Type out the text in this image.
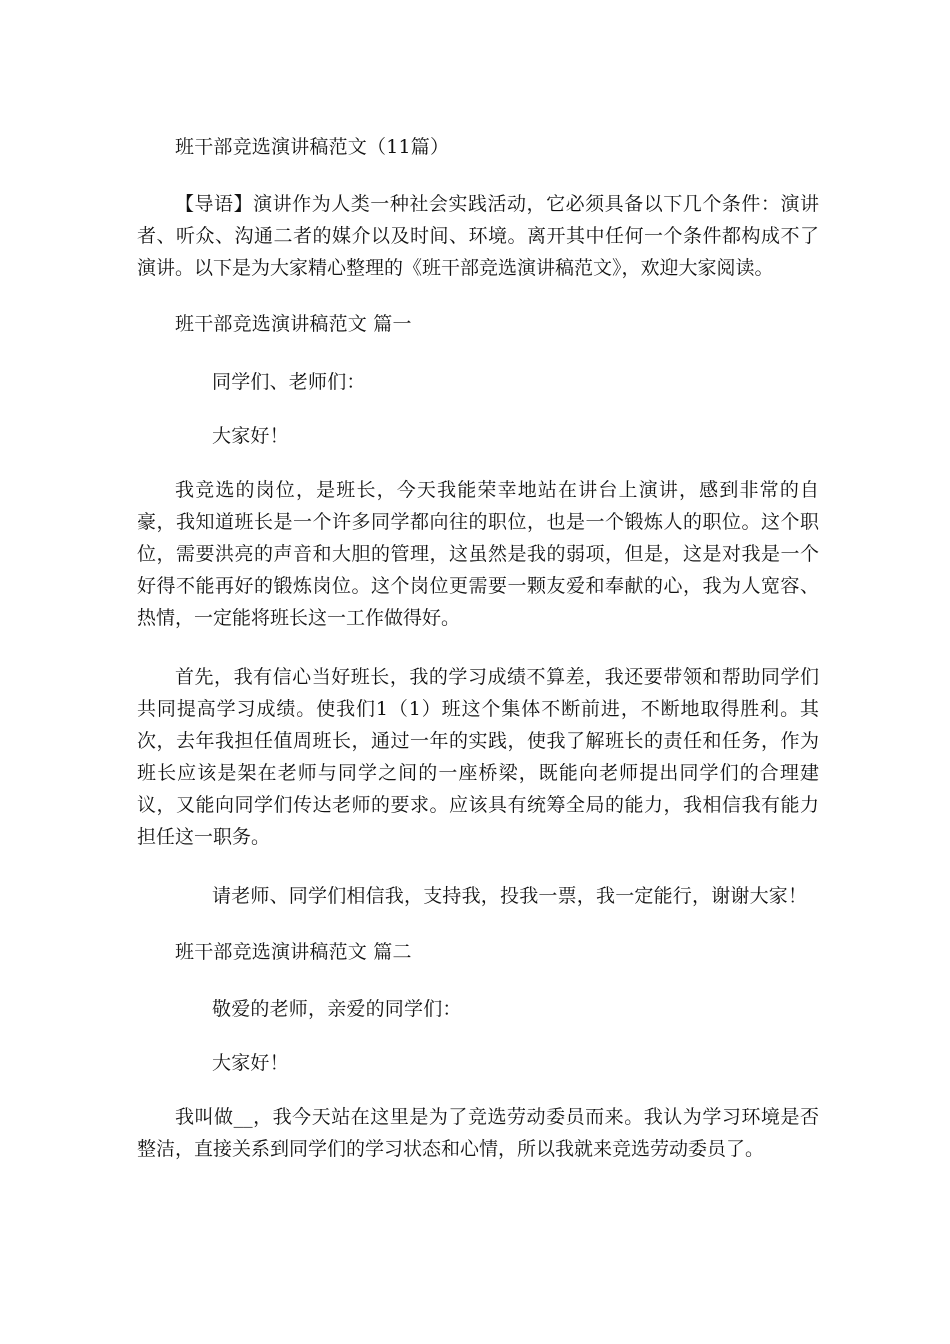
班干部竞选演讲稿范文（11篇）

【导语】演讲作为人类一种社会实践活动，它必须具备以下几个条件：演讲者、听众、沟通二者的媒介以及时间、环境。离开其中任何一个条件都构成不了演讲。以下是为大家精心整理的《班干部竞选演讲稿范文》，欢迎大家阅读。

班干部竞选演讲稿范文 篇一

同学们、老师们：

大家好！

我竞选的岗位，是班长，今天我能荣幸地站在讲台上演讲，感到非常的自豪，我知道班长是一个许多同学都向往的职位，也是一个锻炼人的职位。这个职位，需要洪亮的声音和大胆的管理，这虽然是我的弱项，但是，这是对我是一个好得不能再好的锻炼岗位。这个岗位更需要一颗友爱和奉献的心，我为人宽容、热情，一定能将班长这一工作做得好。

首先，我有信心当好班长，我的学习成绩不算差，我还要带领和帮助同学们共同提高学习成绩。使我们1（1）班这个集体不断前进，不断地取得胜利。其次，去年我担任值周班长，通过一年的实践，使我了解班长的责任和任务，作为班长应该是架在老师与同学之间的一座桥梁，既能向老师提出同学们的合理建议，又能向同学们传达老师的要求。应该具有统筹全局的能力，我相信我有能力担任这一职务。

请老师、同学们相信我，支持我，投我一票，我一定能行，谢谢大家！

班干部竞选演讲稿范文 篇二

敬爱的老师，亲爱的同学们：

大家好！

我叫做__，我今天站在这里是为了竞选劳动委员而来。我认为学习环境是否整洁，直接关系到同学们的学习状态和心情，所以我就来竞选劳动委员了。
